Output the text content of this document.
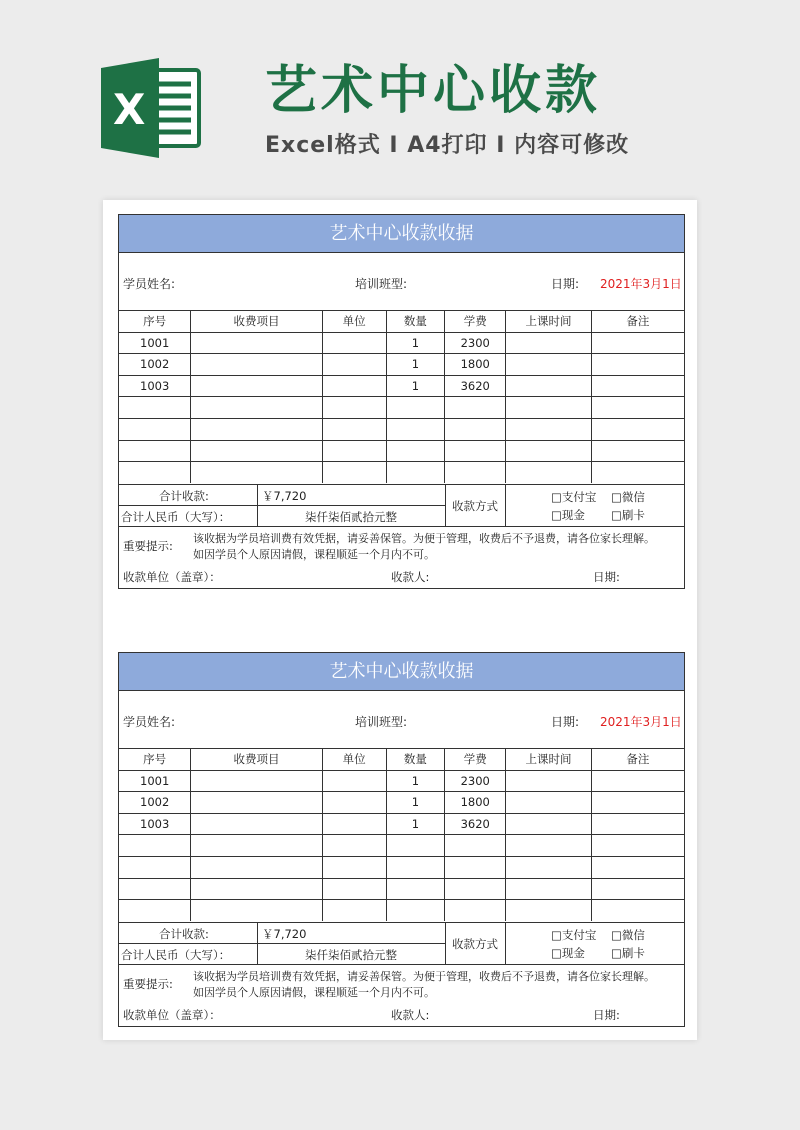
X 艺术中心收款
Excel格式 I A4打印 I 内容可修改
艺术中心收款收据
学员姓名:	培训班型:	日期: 2021年3月1日
序号	收费项目	单位	数量	学费	上课时间	备注
1001			1	2300		
1002			1	1800		
1003			1	3620		

合计收款:	￥7,720
合计人民币（大写）：	柒仟柒佰贰拾元整
收款方式
□支付宝 □微信
□现金 □刷卡
重要提示:
该收据为学员培训费有效凭据，请妥善保管。为便于管理，收费后不予退费，请各位家长理解。
如因学员个人原因请假，课程顺延一个月内不可。
收款单位（盖章）：	收款人:	日期:
艺术中心收款收据
学员姓名:	培训班型:	日期: 2021年3月1日
序号	收费项目	单位	数量	学费	上课时间	备注
1001			1	2300		
1002			1	1800		
1003			1	3620		

合计收款:	￥7,720
合计人民币（大写）：	柒仟柒佰贰拾元整
收款方式
□支付宝 □微信
□现金 □刷卡
重要提示:
该收据为学员培训费有效凭据，请妥善保管。为便于管理，收费后不予退费，请各位家长理解。
如因学员个人原因请假，课程顺延一个月内不可。
收款单位（盖章）：	收款人:	日期:
